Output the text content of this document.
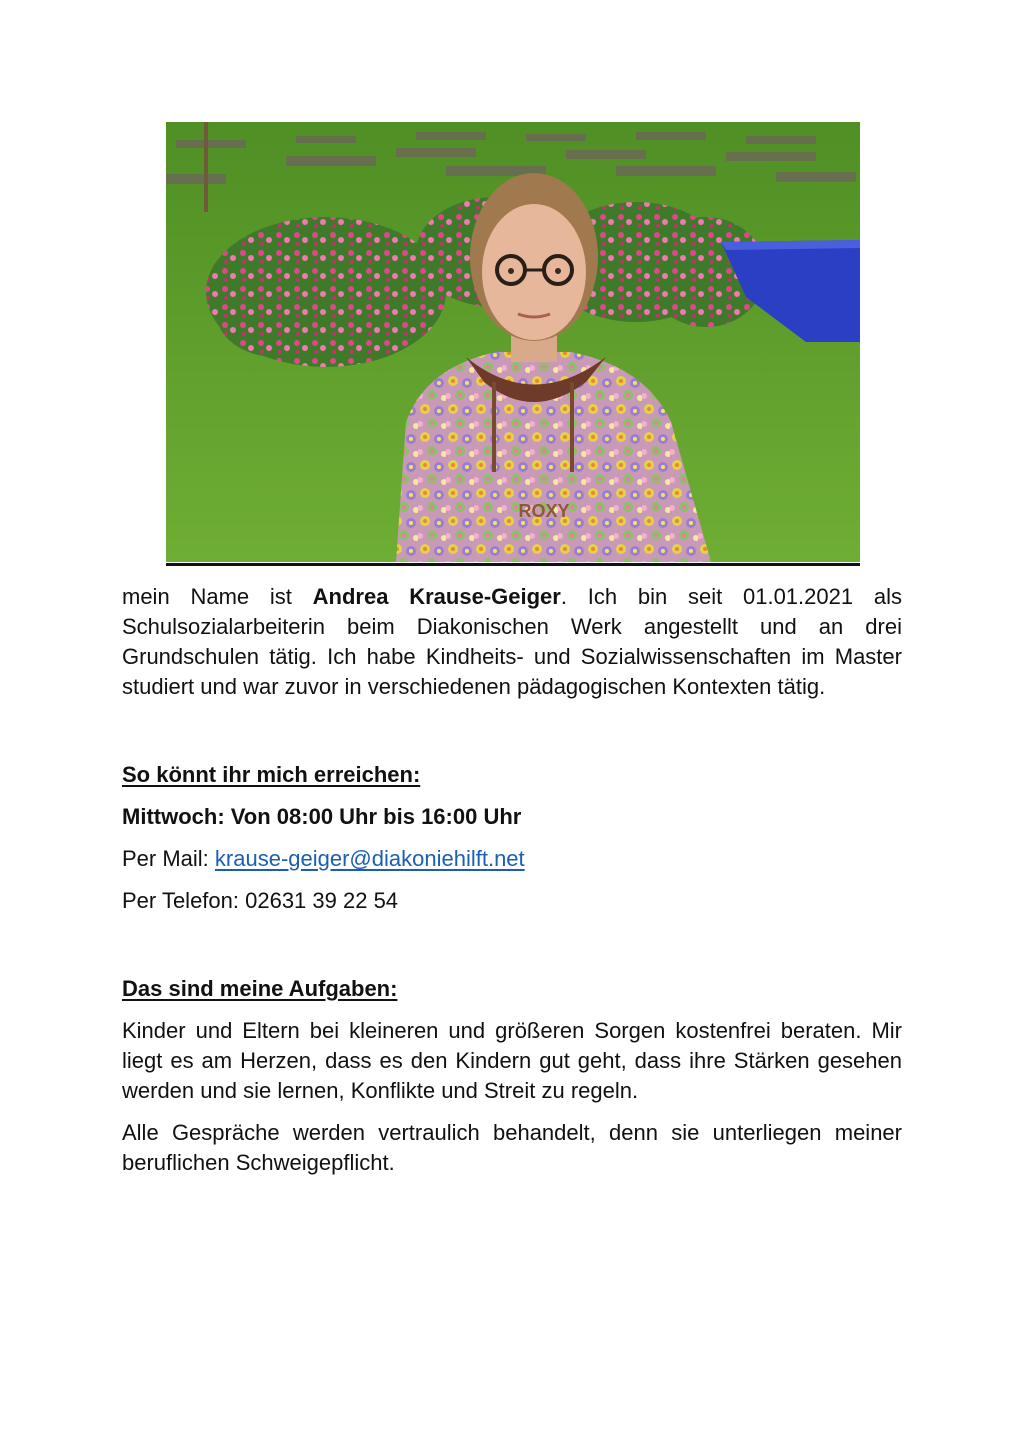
ROXY

mein Name ist Andrea Krause-Geiger. Ich bin seit 01.01.2021 als Schulsozialarbeiterin beim Diakonischen Werk angestellt und an drei Grundschulen tätig. Ich habe Kindheits- und Sozialwissenschaften im Master studiert und war zuvor in verschiedenen pädagogischen Kontexten tätig.

So könnt ihr mich erreichen:

Mittwoch: Von 08:00 Uhr bis 16:00 Uhr

Per Mail: krause-geiger@diakoniehilft.net

Per Telefon: 02631 39 22 54

Das sind meine Aufgaben:

Kinder und Eltern bei kleineren und größeren Sorgen kostenfrei beraten. Mir liegt es am Herzen, dass es den Kindern gut geht, dass ihre Stärken gesehen werden und sie lernen, Konflikte und Streit zu regeln.

Alle Gespräche werden vertraulich behandelt, denn sie unterliegen meiner beruflichen Schweigepflicht.
